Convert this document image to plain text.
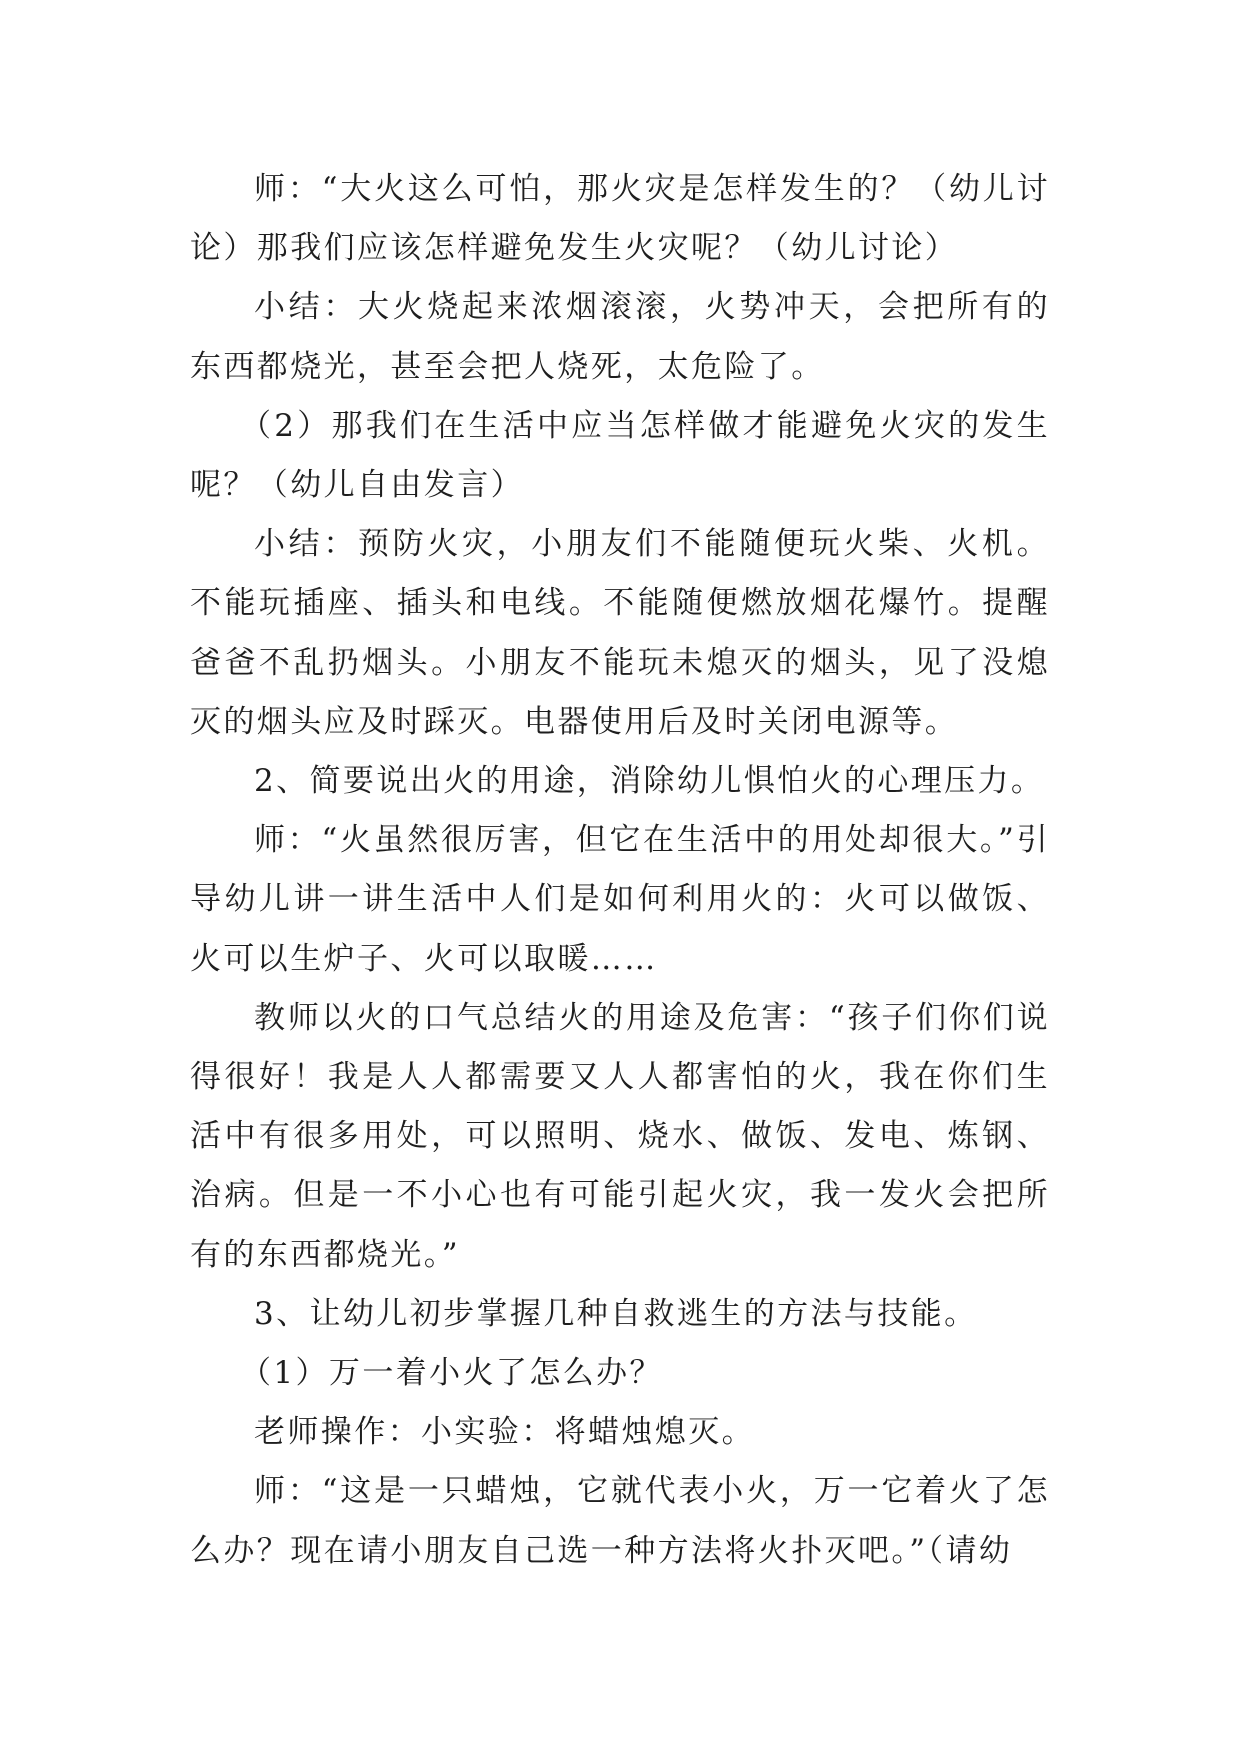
师：“大火这么可怕，那火灾是怎样发生的？（幼儿讨论）那我们应该怎样避免发生火灾呢？（幼儿讨论）

小结：大火烧起来浓烟滚滚，火势冲天，会把所有的东西都烧光，甚至会把人烧死，太危险了。

（2）那我们在生活中应当怎样做才能避免火灾的发生呢？（幼儿自由发言）

小结：预防火灾，小朋友们不能随便玩火柴、火机。不能玩插座、插头和电线。不能随便燃放烟花爆竹。提醒爸爸不乱扔烟头。小朋友不能玩未熄灭的烟头，见了没熄灭的烟头应及时踩灭。电器使用后及时关闭电源等。

2、简要说出火的用途，消除幼儿惧怕火的心理压力。

师：“火虽然很厉害，但它在生活中的用处却很大。”引导幼儿讲一讲生活中人们是如何利用火的：火可以做饭、火可以生炉子、火可以取暖……

教师以火的口气总结火的用途及危害：“孩子们你们说得很好！我是人人都需要又人人都害怕的火，我在你们生活中有很多用处，可以照明、烧水、做饭、发电、炼钢、治病。但是一不小心也有可能引起火灾，我一发火会把所有的东西都烧光。”

3、让幼儿初步掌握几种自救逃生的方法与技能。

（1）万一着小火了怎么办？

老师操作：小实验：将蜡烛熄灭。

师：“这是一只蜡烛，它就代表小火，万一它着火了怎么办？现在请小朋友自己选一种方法将火扑灭吧。”（请幼
